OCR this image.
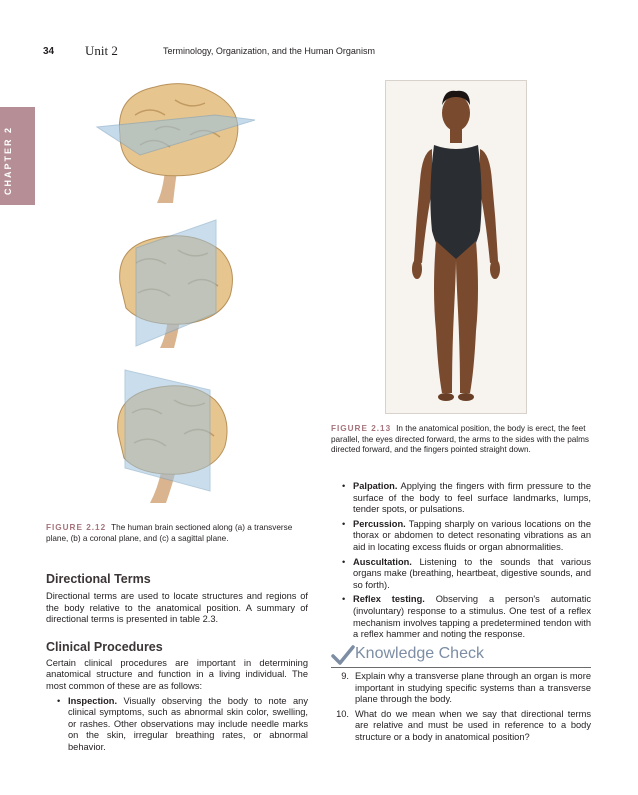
34 Unit 2	Terminology, Organization, and the Human Organism
CHAPTER 2
FIGURE 2.12 The human brain sectioned along (a) a transverse plane, (b) a coronal plane, and (c) a sagittal plane.
FIGURE 2.13 In the anatomical position, the body is erect, the feet parallel, the eyes directed forward, the arms to the sides with the palms directed forward, and the fingers pointed straight down.
Directional Terms
Directional terms are used to locate structures and regions of the body relative to the anatomical position. A summary of directional terms is presented in table 2.3.
Clinical Procedures
Certain clinical procedures are important in determining anatomical structure and function in a living individual. The most common of these are as follows:
• Inspection. Visually observing the body to note any clinical symptoms, such as abnormal skin color, swelling, or rashes. Other observations may include needle marks on the skin, irregular breathing rates, or abnormal behavior.
• Palpation. Applying the fingers with firm pressure to the surface of the body to feel surface landmarks, lumps, tender spots, or pulsations.
• Percussion. Tapping sharply on various locations on the thorax or abdomen to detect resonating vibrations as an aid in locating excess fluids or organ abnormalities.
• Auscultation. Listening to the sounds that various organs make (breathing, heartbeat, digestive sounds, and so forth).
• Reflex testing. Observing a person's automatic (involuntary) response to a stimulus. One test of a reflex mechanism involves tapping a predetermined tendon with a reflex hammer and noting the response.
Knowledge Check
9. Explain why a transverse plane through an organ is more important in studying specific systems than a transverse plane through the body.
10. What do we mean when we say that directional terms are relative and must be used in reference to a body structure or a body in anatomical position?
